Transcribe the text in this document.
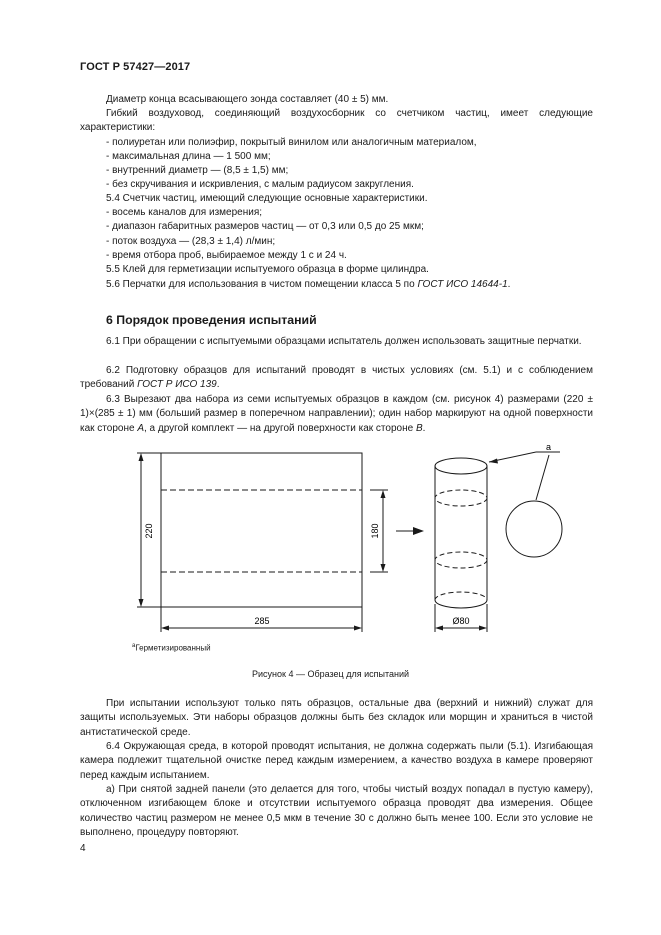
ГОСТ Р 57427—2017
Диаметр конца всасывающего зонда составляет (40 ± 5) мм.

Гибкий воздуховод, соединяющий воздухосборник со счетчиком частиц, имеет следующие характеристики:

- полиуретан или полиэфир, покрытый винилом или аналогичным материалом,
- максимальная длина — 1 500 мм;
- внутренний диаметр — (8,5 ± 1,5) мм;
- без скручивания и искривления, с малым радиусом закругления.
5.4 Счетчик частиц, имеющий следующие основные характеристики.
- восемь каналов для измерения;
- диапазон габаритных размеров частиц — от 0,3 или 0,5 до 25 мкм;
- поток воздуха — (28,3 ± 1,4) л/мин;
- время отбора проб, выбираемое между 1 с и 24 ч.
5.5 Клей для герметизации испытуемого образца в форме цилиндра.
5.6 Перчатки для использования в чистом помещении класса 5 по ГОСТ ИСО 14644-1.
6 Порядок проведения испытаний

6.1 При обращении с испытуемыми образцами испытатель должен использовать защитные перчатки.

6.2 Подготовку образцов для испытаний проводят в чистых условиях (см. 5.1) и с соблюдением требований ГОСТ Р ИСО 139.

6.3 Вырезают два набора из семи испытуемых образцов в каждом (см. рисунок 4) размерами (220 ± 1)×(285 ± 1) мм (больший размер в поперечном направлении); один набор маркируют на одной поверхности как стороне А, а другой комплект — на другой поверхности как стороне В.

220	180
285	Ø80
a
$^a$Герметизированный
Рисунок 4 — Образец для испытаний

При испытании используют только пять образцов, остальные два (верхний и нижний) служат для защиты используемых. Эти наборы образцов должны быть без складок или морщин и храниться в чистой антистатической среде.

6.4 Окружающая среда, в которой проводят испытания, не должна содержать пыли (5.1). Изгибающая камера подлежит тщательной очистке перед каждым измерением, а качество воздуха в камере проверяют перед каждым испытанием.

а) При снятой задней панели (это делается для того, чтобы чистый воздух попадал в пустую камеру), отключенном изгибающем блоке и отсутствии испытуемого образца проводят два измерения. Общее количество частиц размером не менее 0,5 мкм в течение 30 с должно быть менее 100. Если это условие не выполнено, процедуру повторяют.

4
